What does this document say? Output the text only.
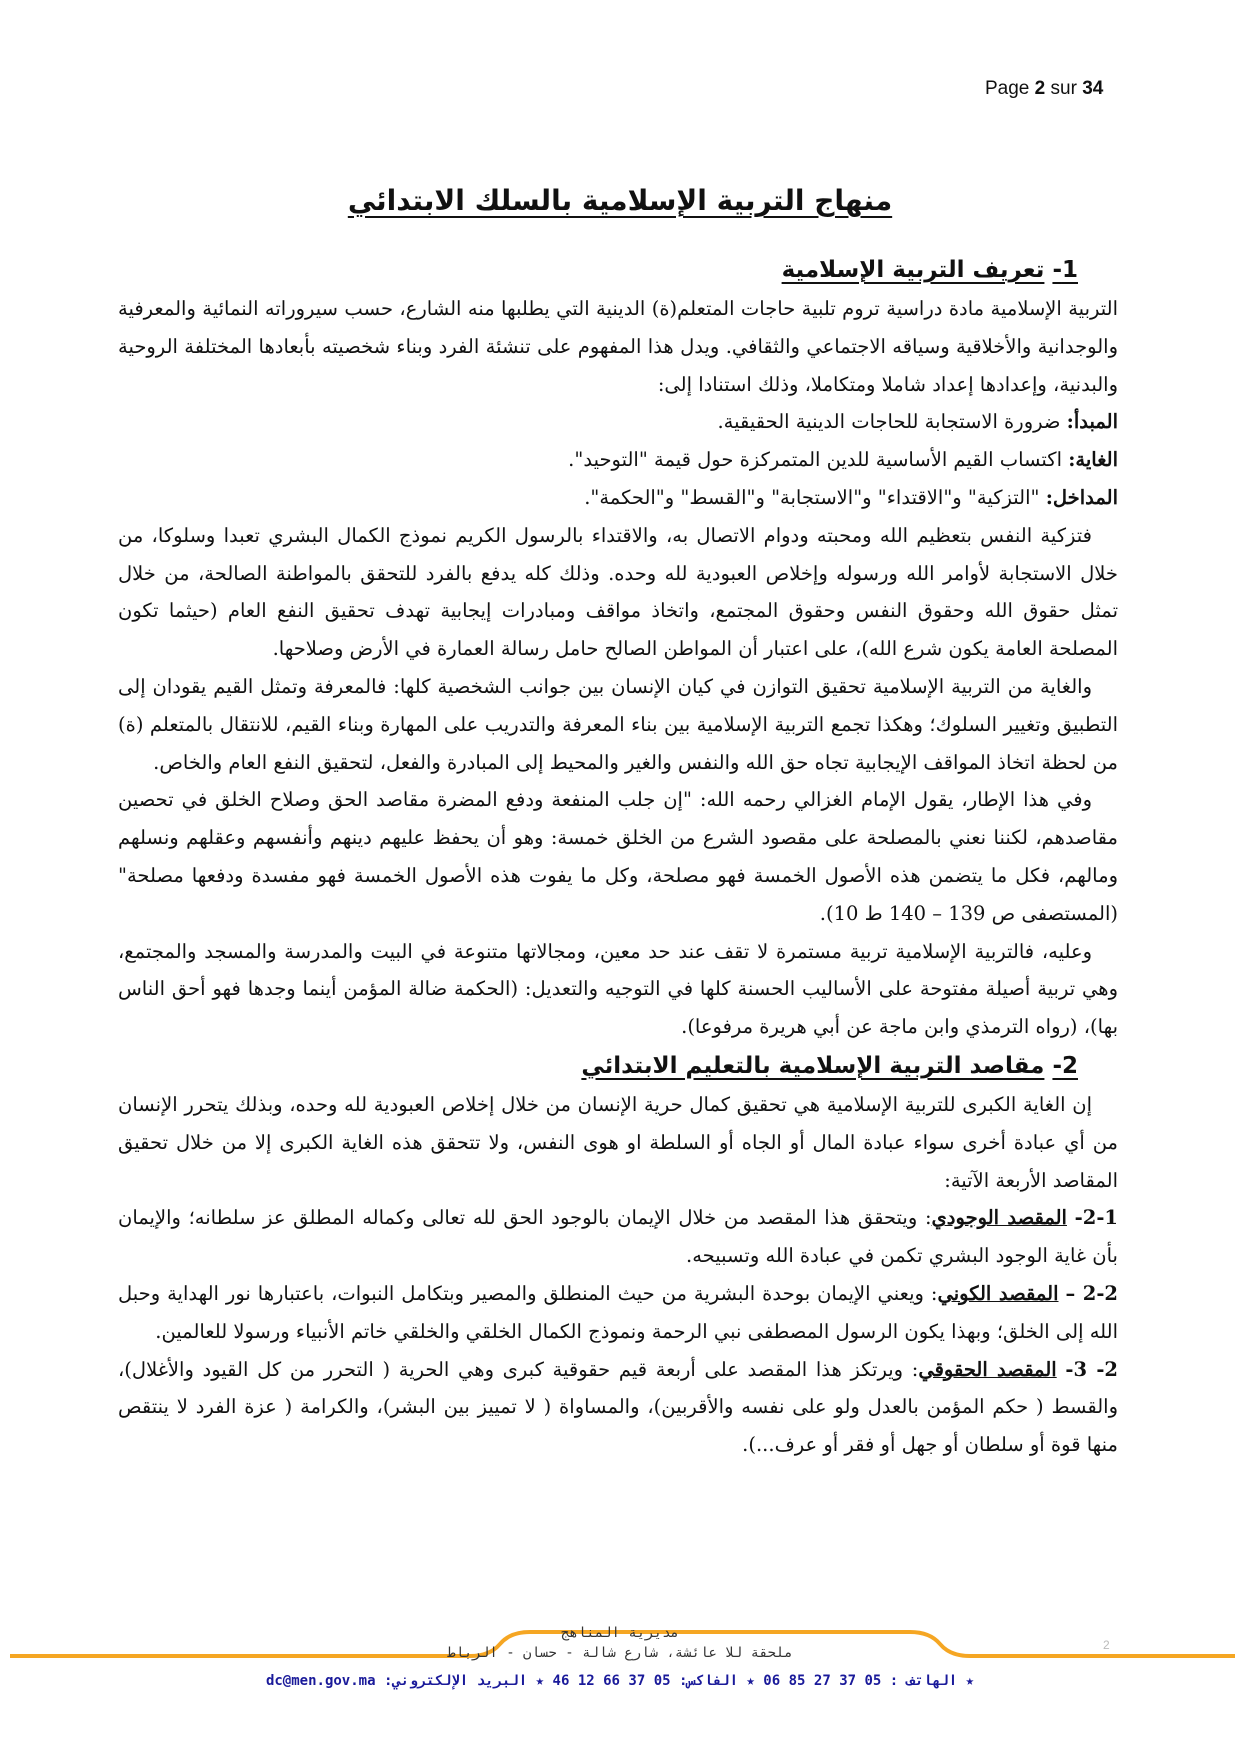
Page 2 sur 34
منهاج التربية الإسلامية بالسلك الابتدائي
1- تعريف التربية الإسلامية

التربية الإسلامية مادة دراسية تروم تلبية حاجات المتعلم(ة) الدينية التي يطلبها منه الشارع، حسب سيروراته النمائية والمعرفية والوجدانية والأخلاقية وسياقه الاجتماعي والثقافي. ويدل هذا المفهوم على تنشئة الفرد وبناء شخصيته بأبعادها المختلفة الروحية والبدنية، وإعدادها إعداد شاملا ومتكاملا، وذلك استنادا إلى:

المبدأ: ضرورة الاستجابة للحاجات الدينية الحقيقية.

الغاية: اكتساب القيم الأساسية للدين المتمركزة حول قيمة "التوحيد".

المداخل: "التزكية" و"الاقتداء" و"الاستجابة" و"القسط" و"الحكمة".

فتزكية النفس بتعظيم الله ومحبته ودوام الاتصال به، والاقتداء بالرسول الكريم نموذج الكمال البشري تعبدا وسلوكا، من خلال الاستجابة لأوامر الله ورسوله وإخلاص العبودية لله وحده. وذلك كله يدفع بالفرد للتحقق بالمواطنة الصالحة، من خلال تمثل حقوق الله وحقوق النفس وحقوق المجتمع، واتخاذ مواقف ومبادرات إيجابية تهدف تحقيق النفع العام (حيثما تكون المصلحة العامة يكون شرع الله)، على اعتبار أن المواطن الصالح حامل رسالة العمارة في الأرض وصلاحها.

والغاية من التربية الإسلامية تحقيق التوازن في كيان الإنسان بين جوانب الشخصية كلها: فالمعرفة وتمثل القيم يقودان إلى التطبيق وتغيير السلوك؛ وهكذا تجمع التربية الإسلامية بين بناء المعرفة والتدريب على المهارة وبناء القيم، للانتقال بالمتعلم (ة) من لحظة اتخاذ المواقف الإيجابية تجاه حق الله والنفس والغير والمحيط إلى المبادرة والفعل، لتحقيق النفع العام والخاص.

وفي هذا الإطار، يقول الإمام الغزالي رحمه الله: "إن جلب المنفعة ودفع المضرة مقاصد الحق وصلاح الخلق في تحصين مقاصدهم، لكننا نعني بالمصلحة على مقصود الشرع من الخلق خمسة: وهو أن يحفظ عليهم دينهم وأنفسهم وعقلهم ونسلهم ومالهم، فكل ما يتضمن هذه الأصول الخمسة فهو مصلحة، وكل ما يفوت هذه الأصول الخمسة فهو مفسدة ودفعها مصلحة" (المستصفى ص 139 – 140 ط 10).

وعليه، فالتربية الإسلامية تربية مستمرة لا تقف عند حد معين، ومجالاتها متنوعة في البيت والمدرسة والمسجد والمجتمع، وهي تربية أصيلة مفتوحة على الأساليب الحسنة كلها في التوجيه والتعديل: (الحكمة ضالة المؤمن أينما وجدها فهو أحق الناس بها)، (رواه الترمذي وابن ماجة عن أبي هريرة مرفوعا).

2- مقاصد التربية الإسلامية بالتعليم الابتدائي

إن الغاية الكبرى للتربية الإسلامية هي تحقيق كمال حرية الإنسان من خلال إخلاص العبودية لله وحده، وبذلك يتحرر الإنسان من أي عبادة أخرى سواء عبادة المال أو الجاه أو السلطة او هوى النفس، ولا تتحقق هذه الغاية الكبرى إلا من خلال تحقيق المقاصد الأربعة الآتية:

2-1- المقصد الوجودي: ويتحقق هذا المقصد من خلال الإيمان بالوجود الحق لله تعالى وكماله المطلق عز سلطانه؛ والإيمان بأن غاية الوجود البشري تكمن في عبادة الله وتسبيحه.

2-2 – المقصد الكوني: ويعني الإيمان بوحدة البشرية من حيث المنطلق والمصير وبتكامل النبوات، باعتبارها نور الهداية وحبل الله إلى الخلق؛ وبهذا يكون الرسول المصطفى نبي الرحمة ونموذج الكمال الخلقي والخلقي خاتم الأنبياء ورسولا للعالمين.

2- 3- المقصد الحقوقي: ويرتكز هذا المقصد على أربعة قيم حقوقية كبرى وهي الحرية ( التحرر من كل القيود والأغلال)، والقسط ( حكم المؤمن بالعدل ولو على نفسه والأقربين)، والمساواة ( لا تمييز بين البشر)، والكرامة ( عزة الفرد لا ينتقص منها قوة أو سلطان أو جهل أو فقر أو عرف...).

2
مديرية المناهج
ملحقة للا عائشة، شارع شالة - حسان - الرباط
★ الهاتف : 05 37 27 85 06 ★ الفاكس: 05 37 66 12 46 ★ البريد الإلكتروني: dc@men.gov.ma
